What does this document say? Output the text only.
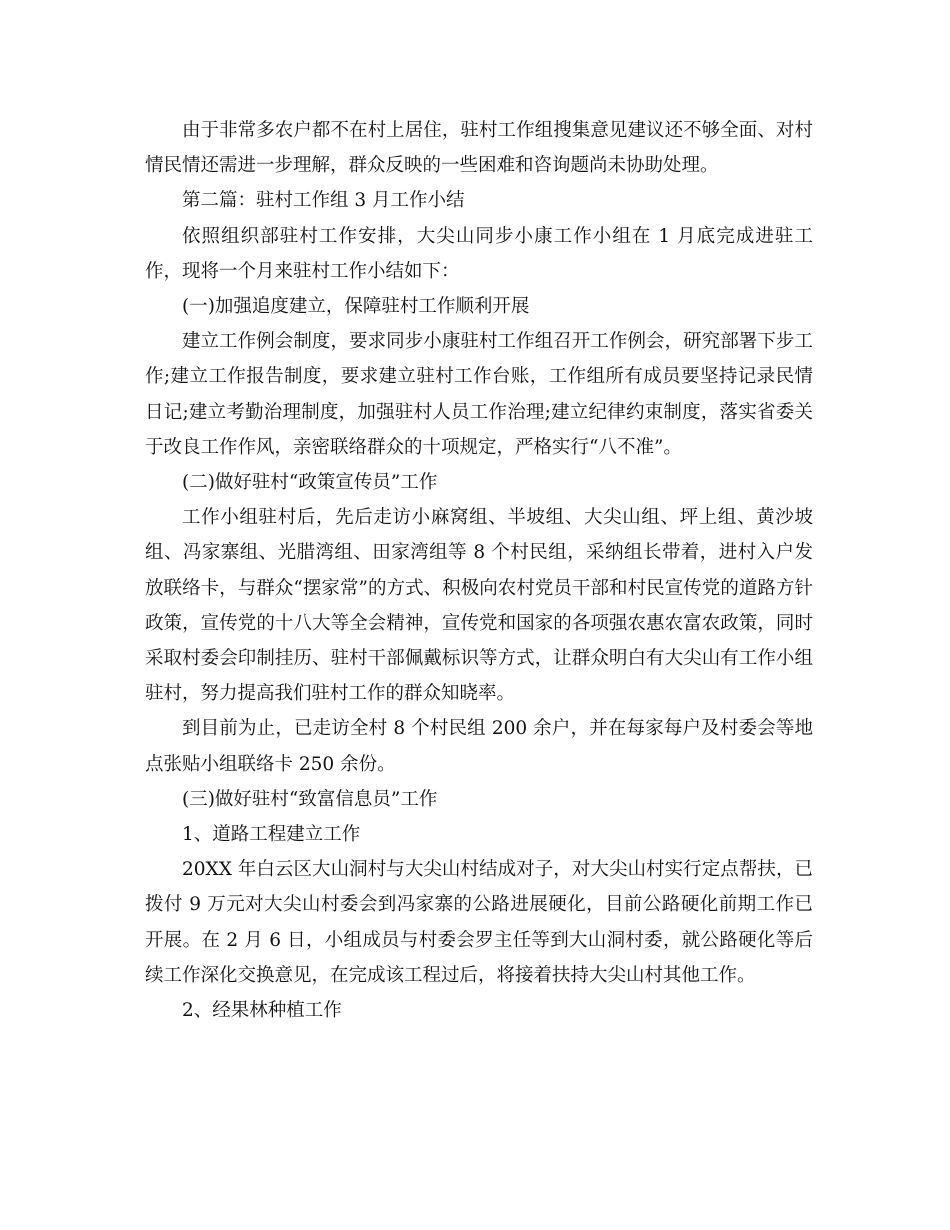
由于非常多农户都不在村上居住，驻村工作组搜集意见建议还不够全面、对村情民情还需进一步理解，群众反映的一些困难和咨询题尚未协助处理。

第二篇：驻村工作组 3 月工作小结

依照组织部驻村工作安排，大尖山同步小康工作小组在 1 月底完成进驻工作，现将一个月来驻村工作小结如下：

(一)加强追度建立，保障驻村工作顺利开展

建立工作例会制度，要求同步小康驻村工作组召开工作例会，研究部署下步工作;建立工作报告制度，要求建立驻村工作台账，工作组所有成员要坚持记录民情日记;建立考勤治理制度，加强驻村人员工作治理;建立纪律约束制度，落实省委关于改良工作作风，亲密联络群众的十项规定，严格实行“八不准”。

(二)做好驻村“政策宣传员”工作

工作小组驻村后，先后走访小麻窝组、半坡组、大尖山组、坪上组、黄沙坡组、冯家寨组、光腊湾组、田家湾组等 8 个村民组，采纳组长带着，进村入户发放联络卡，与群众“摆家常”的方式、积极向农村党员干部和村民宣传党的道路方针政策，宣传党的十八大等全会精神，宣传党和国家的各项强农惠农富农政策，同时采取村委会印制挂历、驻村干部佩戴标识等方式，让群众明白有大尖山有工作小组驻村，努力提高我们驻村工作的群众知晓率。

到目前为止，已走访全村 8 个村民组 200 余户，并在每家每户及村委会等地点张贴小组联络卡 250 余份。

(三)做好驻村“致富信息员”工作

1、道路工程建立工作

20XX 年白云区大山洞村与大尖山村结成对子，对大尖山村实行定点帮扶，已拨付 9 万元对大尖山村委会到冯家寨的公路进展硬化，目前公路硬化前期工作已开展。在 2 月 6 日，小组成员与村委会罗主任等到大山洞村委，就公路硬化等后续工作深化交换意见，在完成该工程过后，将接着扶持大尖山村其他工作。

2、经果林种植工作
